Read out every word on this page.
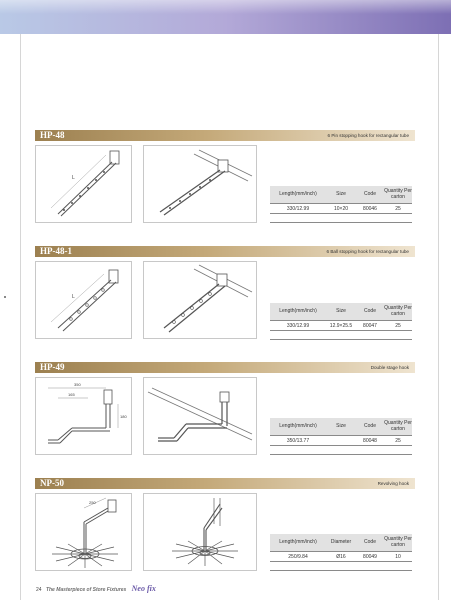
HP-48	6 Pin stopping hook for rectangular tube
L
Length(mm/inch)	Size	Code	Quantity Per carton
330/12.99	10×20	80046	25

HP-48-1	6 Ball stopping hook for rectangular tube
L
Length(mm/inch)	Size	Code	Quantity Per carton
330/12.99	12.9×25.5	80047	25

HP-49	Double stage hook
350
165
180
Length(mm/inch)	Size	Code	Quantity Per carton
350/13.77		80048	25

NP-50	Revolving hook
250
Length(mm/inch)	Diameter	Code	Quantity Per carton
250/9.84	Ø16	80049	10

24 The Masterpiece of Store Fixtures Neo fix
